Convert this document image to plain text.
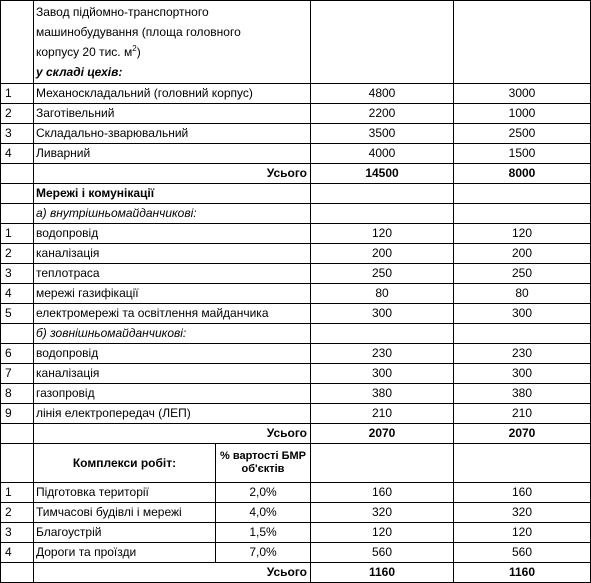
	Завод підйомно-транспортного
машинобудування (площа головного
корпусу 20 тис. $м^2$)
у складі цехів:			

1	Механоскладальний (головний корпус)		4800	3000
2	Заготівельний		2200	1000
3	Складально-зварювальний		3500	2500
4	Ливарний		4000	1500
	Усього		14500	8000
	Мережі і комунікації			
	а) внутрішньомайданчикові:			
1	водопровід		120	120
2	каналізація		200	200
3	теплотраса		250	250
4	мережі газифікації		80	80
5	електромережі та освітлення майданчика		300	300
	б) зовнішньомайданчикові:			
6	водопровід		230	230
7	каналізація		300	300
8	газопровід		380	380
9	лінія електропередач (ЛЕП)		210	210
	Усього		2070	2070
	Комплекси робіт:	% вартості БМР об'єктів		
1	Підготовка території	2,0%	160	160
2	Тимчасові будівлі і мережі	4,0%	320	320
3	Благоустрій	1,5%	120	120
4	Дороги та проїзди	7,0%	560	560
	Усього		1160	1160
